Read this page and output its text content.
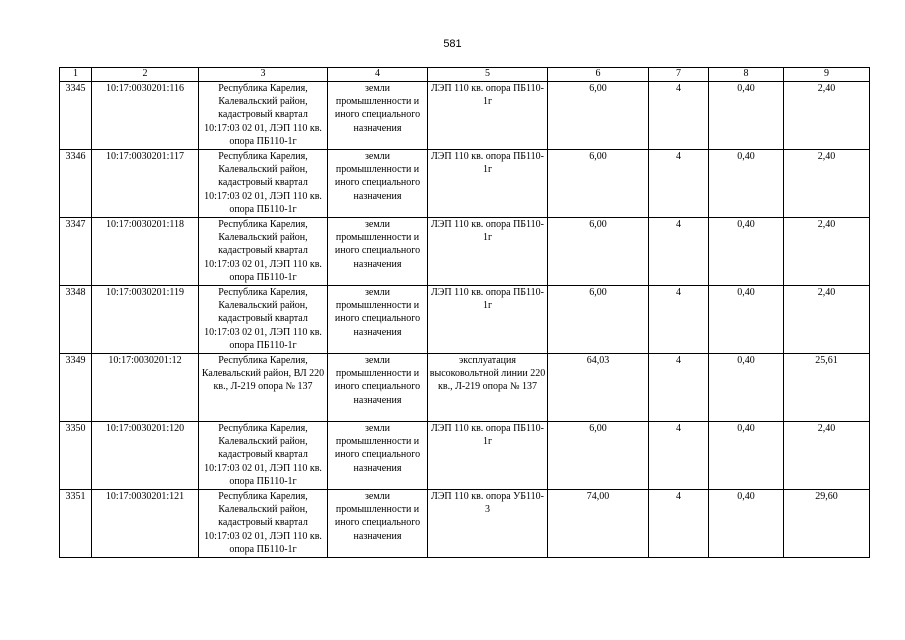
581
1	2	3	4	5	6	7	8	9
3345	10:17:0030201:116	Республика Карелия, Калевальский район, кадастровый квартал 10:17:03 02 01, ЛЭП 110 кв. опора ПБ110-1г	земли промышленности и иного специального назначения	ЛЭП 110 кв. опора ПБ110-1г	6,00	4	0,40	2,40
3346	10:17:0030201:117	Республика Карелия, Калевальский район, кадастровый квартал 10:17:03 02 01, ЛЭП 110 кв. опора ПБ110-1г	земли промышленности и иного специального назначения	ЛЭП 110 кв. опора ПБ110-1г	6,00	4	0,40	2,40
3347	10:17:0030201:118	Республика Карелия, Калевальский район, кадастровый квартал 10:17:03 02 01, ЛЭП 110 кв. опора ПБ110-1г	земли промышленности и иного специального назначения	ЛЭП 110 кв. опора ПБ110-1г	6,00	4	0,40	2,40
3348	10:17:0030201:119	Республика Карелия, Калевальский район, кадастровый квартал 10:17:03 02 01, ЛЭП 110 кв. опора ПБ110-1г	земли промышленности и иного специального назначения	ЛЭП 110 кв. опора ПБ110-1г	6,00	4	0,40	2,40
3349	10:17:0030201:12	Республика Карелия, Калевальский район, ВЛ 220 кв., Л-219 опора № 137	земли промышленности и иного специального назначения	эксплуатация высоковольтной линии 220 кв., Л-219 опора № 137	64,03	4	0,40	25,61
3350	10:17:0030201:120	Республика Карелия, Калевальский район, кадастровый квартал 10:17:03 02 01, ЛЭП 110 кв. опора ПБ110-1г	земли промышленности и иного специального назначения	ЛЭП 110 кв. опора ПБ110-1г	6,00	4	0,40	2,40
3351	10:17:0030201:121	Республика Карелия, Калевальский район, кадастровый квартал 10:17:03 02 01, ЛЭП 110 кв. опора ПБ110-1г	земли промышленности и иного специального назначения	ЛЭП 110 кв. опора УБ110-3	74,00	4	0,40	29,60
